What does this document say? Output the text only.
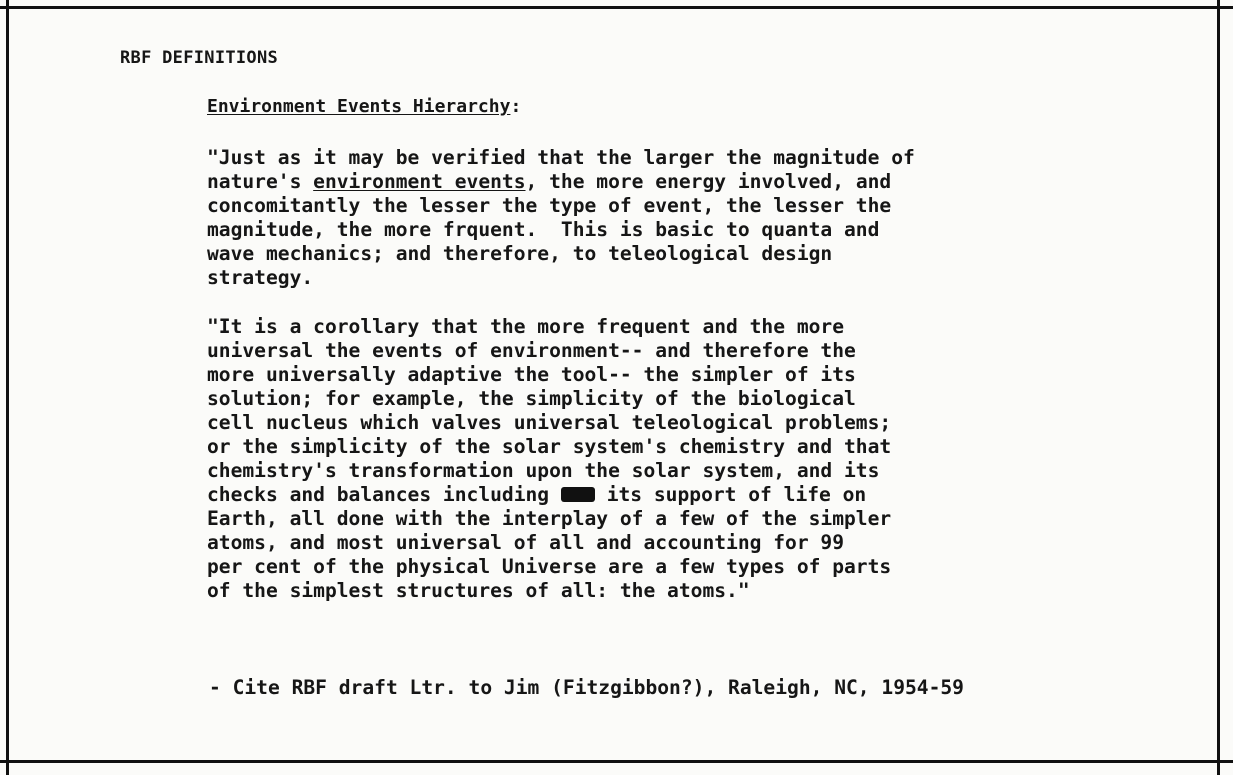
RBF DEFINITIONS
Environment Events Hierarchy:
"Just as it may be verified that the larger the magnitude of
nature's environment events, the more energy involved, and
concomitantly the lesser the type of event, the lesser the
magnitude, the more frquent.  This is basic to quanta and
wave mechanics; and therefore, to teleological design
strategy.
"It is a corollary that the more frequent and the more
universal the events of environment-- and therefore the
more universally adaptive the tool-- the simpler of its
solution; for example, the simplicity of the biological
cell nucleus which valves universal teleological problems;
or the simplicity of the solar system's chemistry and that
chemistry's transformation upon the solar system, and its
checks and balances including  its support of life on
Earth, all done with the interplay of a few of the simpler
atoms, and most universal of all and accounting for 99
per cent of the physical Universe are a few types of parts
of the simplest structures of all: the atoms."
- Cite RBF draft Ltr. to Jim (Fitzgibbon?), Raleigh, NC, 1954-59
